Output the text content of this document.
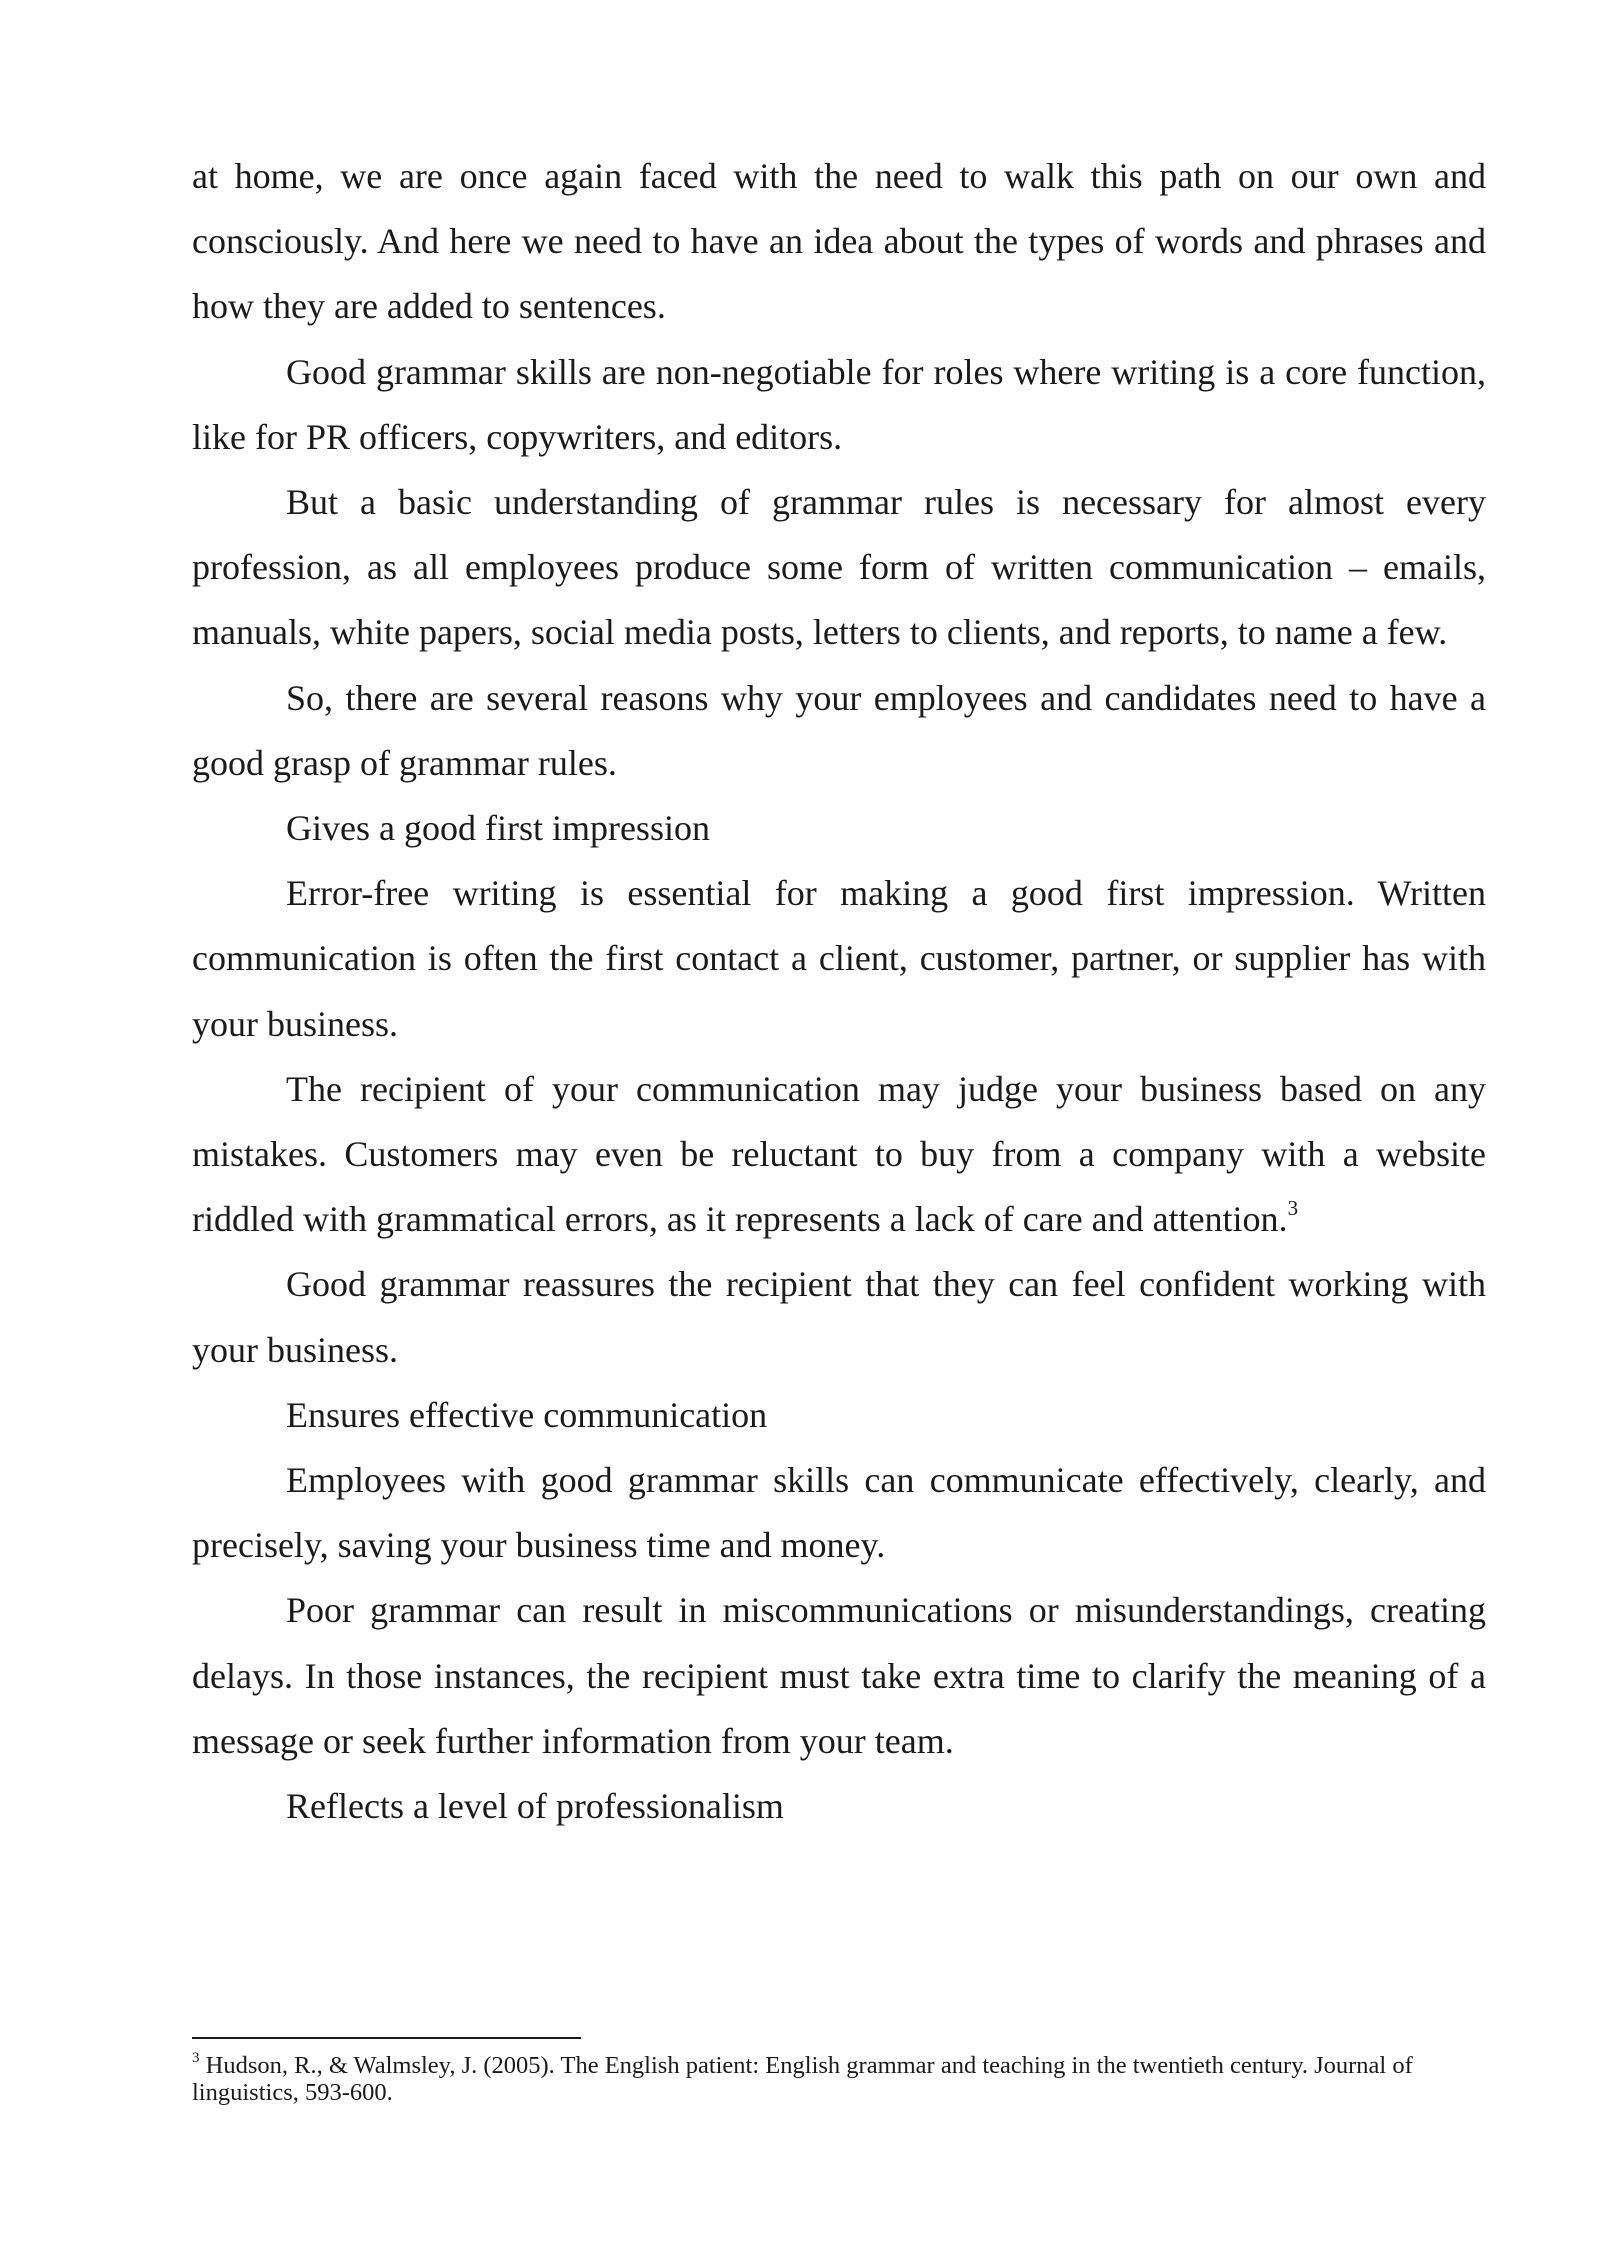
at home, we are once again faced with the need to walk this path on our own and consciously. And here we need to have an idea about the types of words and phrases and how they are added to sentences.

Good grammar skills are non-negotiable for roles where writing is a core function, like for PR officers, copywriters, and editors.

But a basic understanding of grammar rules is necessary for almost every profession, as all employees produce some form of written communication – emails, manuals, white papers, social media posts, letters to clients, and reports, to name a few.

So, there are several reasons why your employees and candidates need to have a good grasp of grammar rules.

Gives a good first impression

Error-free writing is essential for making a good first impression. Written communication is often the first contact a client, customer, partner, or supplier has with your business.

The recipient of your communication may judge your business based on any mistakes. Customers may even be reluctant to buy from a company with a website riddled with grammatical errors, as it represents a lack of care and attention.$^3$

Good grammar reassures the recipient that they can feel confident working with your business.

Ensures effective communication

Employees with good grammar skills can communicate effectively, clearly, and precisely, saving your business time and money.

Poor grammar can result in miscommunications or misunderstandings, creating delays. In those instances, the recipient must take extra time to clarify the meaning of a message or seek further information from your team.

Reflects a level of professionalism

$^3$ Hudson, R., & Walmsley, J. (2005). The English patient: English grammar and teaching in the twentieth century. Journal of linguistics, 593-600.
